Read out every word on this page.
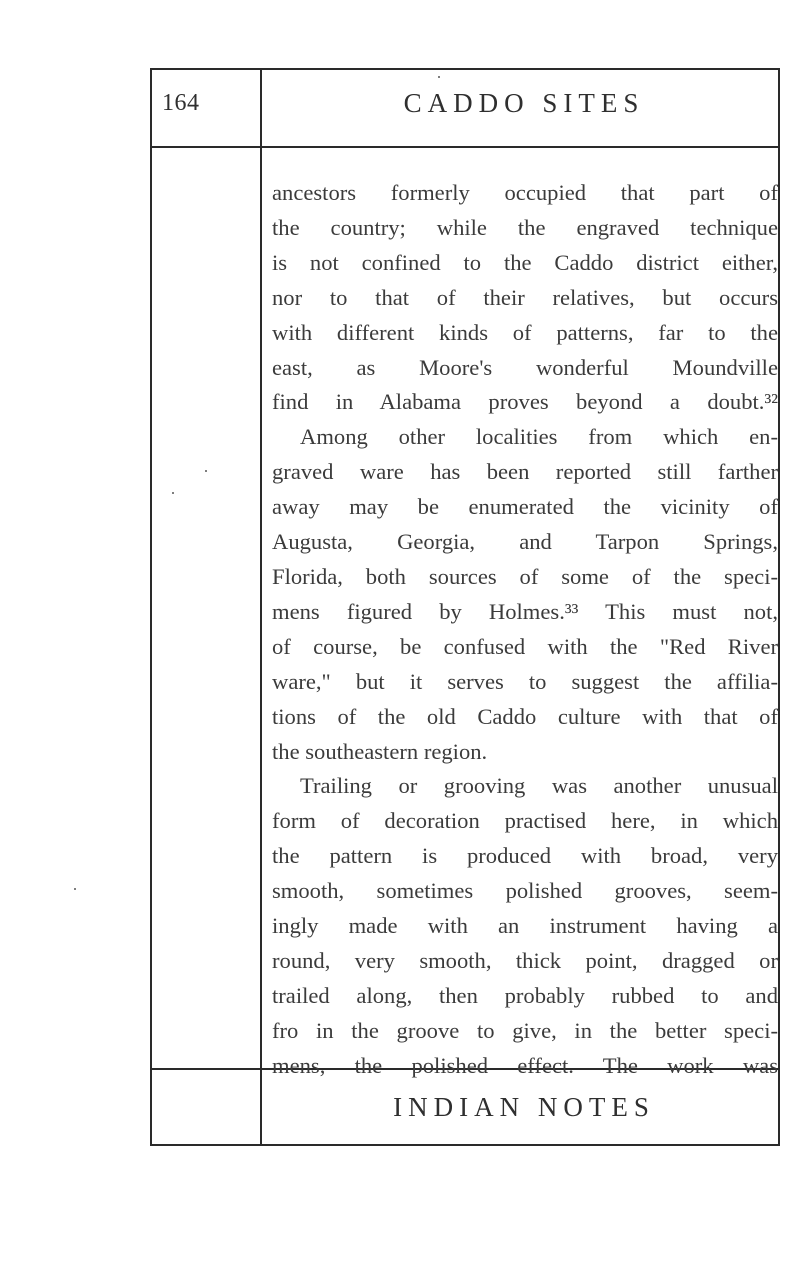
164	CADDO SITES
ancestors formerly occupied that part of
the country; while the engraved technique
is not confined to the Caddo district either,
nor to that of their relatives, but occurs
with different kinds of patterns, far to the
east, as Moore's wonderful Moundville
find in Alabama proves beyond a doubt.³²
Among other localities from which en-
graved ware has been reported still farther
away may be enumerated the vicinity of
Augusta, Georgia, and Tarpon Springs,
Florida, both sources of some of the speci-
mens figured by Holmes.³³ This must not,
of course, be confused with the "Red River
ware," but it serves to suggest the affilia-
tions of the old Caddo culture with that of
the southeastern region.
Trailing or grooving was another unusual
form of decoration practised here, in which
the pattern is produced with broad, very
smooth, sometimes polished grooves, seem-
ingly made with an instrument having a
round, very smooth, thick point, dragged or
trailed along, then probably rubbed to and
fro in the groove to give, in the better speci-
mens, the polished effect. The work was
INDIAN NOTES
